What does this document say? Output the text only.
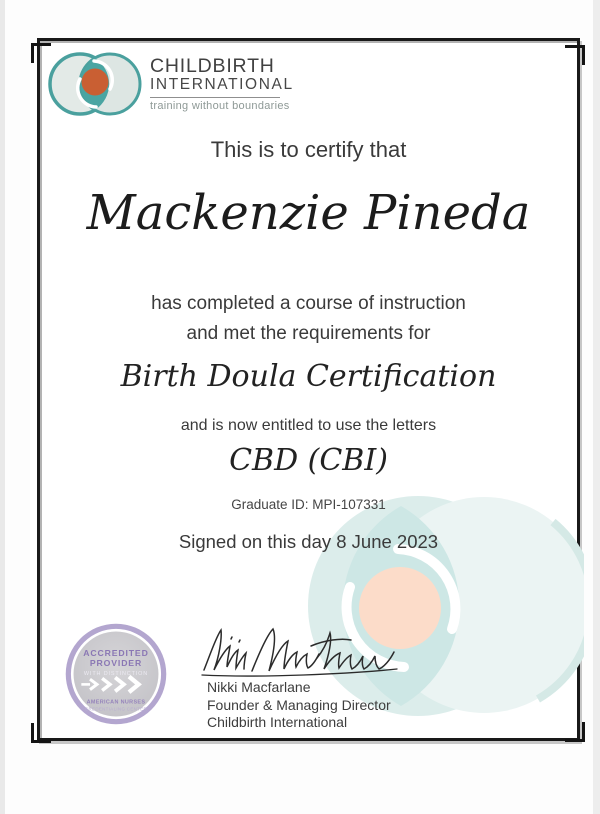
CHILDBIRTH
INTERNATIONAL
training without boundaries
This is to certify that
Mackenzie Pineda
has completed a course of instruction
and met the requirements for
Birth Doula Certification
and is now entitled to use the letters
CBD (CBI)
Graduate ID: MPI-107331
Signed on this day 8 June 2023
ACCREDITED
PROVIDER
WITH DISTINCTION
AMERICAN NURSES
CREDENTIALING CENTER
Nikki Macfarlane
Founder & Managing Director
Childbirth International
